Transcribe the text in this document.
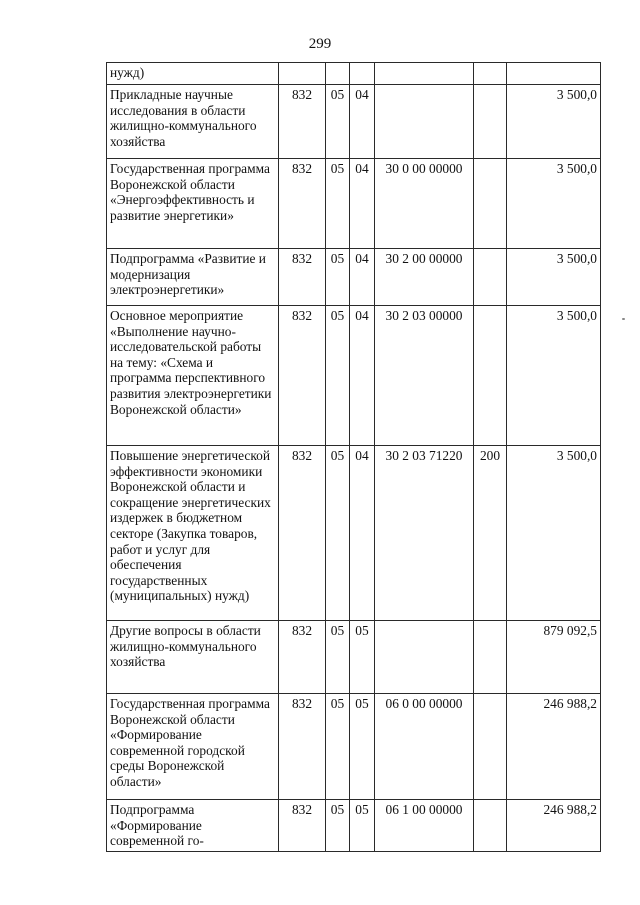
299
нужд)						
Прикладные научные исследования в области жилищно-коммунального хозяйства	832	05	04			3 500,0
Государственная программа Воронежской области «Энергоэффективность и развитие энергетики»	832	05	04	30 0 00 00000		3 500,0
Подпрограмма «Развитие и модернизация электроэнергетики»	832	05	04	30 2 00 00000		3 500,0
Основное мероприятие «Выполнение научно-исследовательской работы на тему: «Схема и программа перспективного развития электроэнергетики Воронежской области»	832	05	04	30 2 03 00000		3 500,0
Повышение энергетической эффективности экономики Воронежской области и сокращение энергетических издержек в бюджетном секторе (Закупка товаров, работ и услуг для обеспечения государственных (муниципальных) нужд)	832	05	04	30 2 03 71220	200	3 500,0
Другие вопросы в области жилищно-коммунального хозяйства	832	05	05			879 092,5
Государственная программа Воронежской области «Формирование современной городской среды Воронежской области»	832	05	05	06 0 00 00000		246 988,2
Подпрограмма «Формирование современной го-	832	05	05	06 1 00 00000		246 988,2
